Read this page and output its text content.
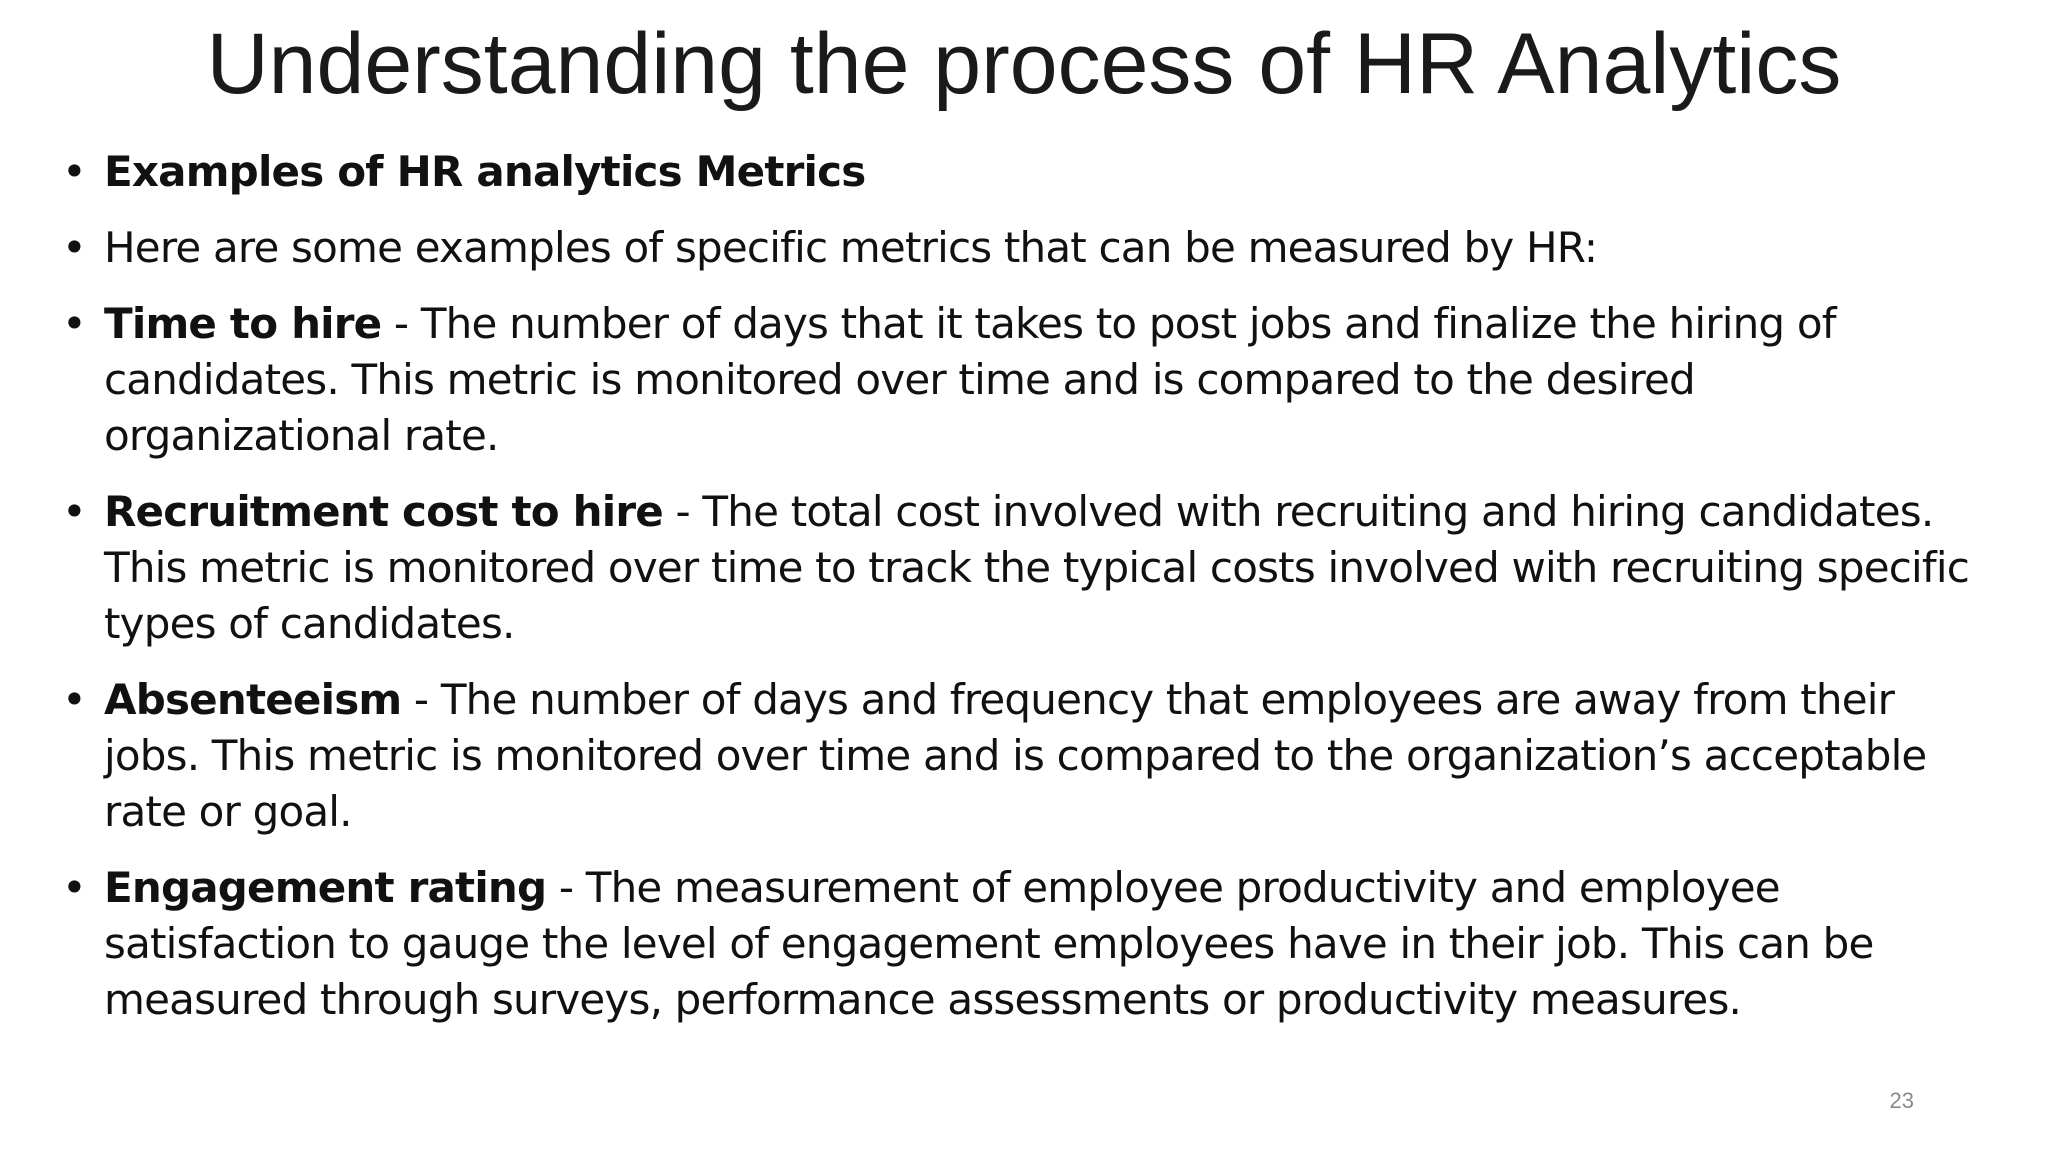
Understanding the process of HR Analytics
• Examples of HR analytics Metrics
• Here are some examples of specific metrics that can be measured by HR:
• Time to hire - The number of days that it takes to post jobs and finalize the hiring of candidates. This metric is monitored over time and is compared to the desired organizational rate.
• Recruitment cost to hire - The total cost involved with recruiting and hiring candidates. This metric is monitored over time to track the typical costs involved with recruiting specific types of candidates.
• Absenteeism - The number of days and frequency that employees are away from their jobs. This metric is monitored over time and is compared to the organization’s acceptable rate or goal.
• Engagement rating - The measurement of employee productivity and employee satisfaction to gauge the level of engagement employees have in their job. This can be measured through surveys, performance assessments or productivity measures.
23
